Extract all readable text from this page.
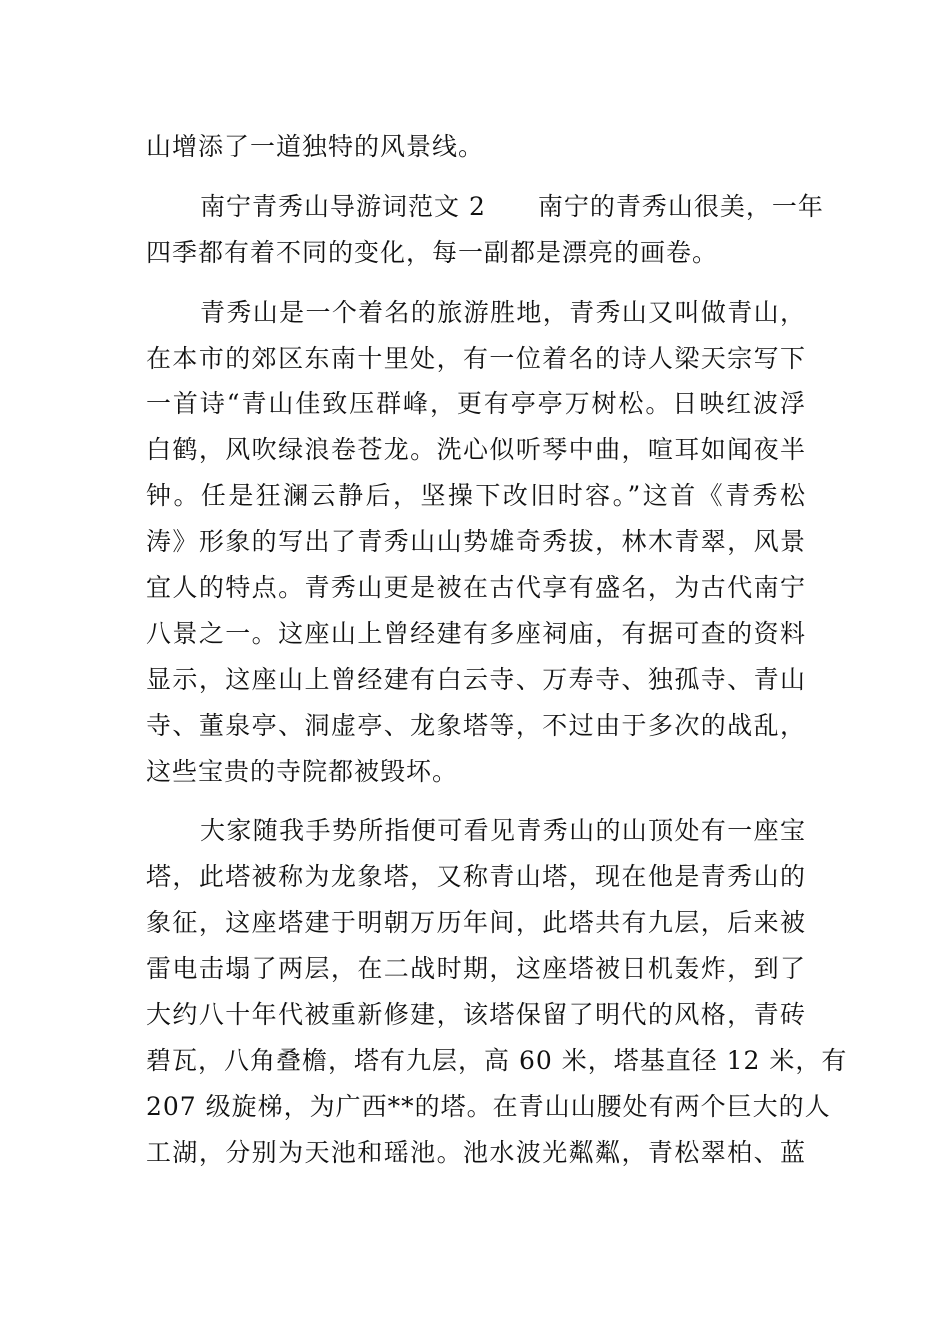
山增添了一道独特的风景线。
南宁青秀山导游词范文 2 南宁的青秀山很美，一年
四季都有着不同的变化，每一副都是漂亮的画卷。
青秀山是一个着名的旅游胜地，青秀山又叫做青山，
在本市的郊区东南十里处，有一位着名的诗人梁天宗写下
一首诗“青山佳致压群峰，更有亭亭万树松。日映红波浮
白鹤，风吹绿浪卷苍龙。洗心似听琴中曲，喧耳如闻夜半
钟。任是狂澜云静后，坚操下改旧时容。”这首《青秀松
涛》形象的写出了青秀山山势雄奇秀拔，林木青翠，风景
宜人的特点。青秀山更是被在古代享有盛名，为古代南宁
八景之一。这座山上曾经建有多座祠庙，有据可查的资料
显示，这座山上曾经建有白云寺、万寿寺、独孤寺、青山
寺、董泉亭、洞虚亭、龙象塔等，不过由于多次的战乱，
这些宝贵的寺院都被毁坏。
大家随我手势所指便可看见青秀山的山顶处有一座宝
塔，此塔被称为龙象塔，又称青山塔，现在他是青秀山的
象征，这座塔建于明朝万历年间，此塔共有九层，后来被
雷电击塌了两层，在二战时期，这座塔被日机轰炸，到了
大约八十年代被重新修建，该塔保留了明代的风格，青砖
碧瓦，八角叠檐，塔有九层，高 60 米，塔基直径 12 米，有
207 级旋梯，为广西**的塔。在青山山腰处有两个巨大的人
工湖，分别为天池和瑶池。池水波光粼粼，青松翠柏、蓝
